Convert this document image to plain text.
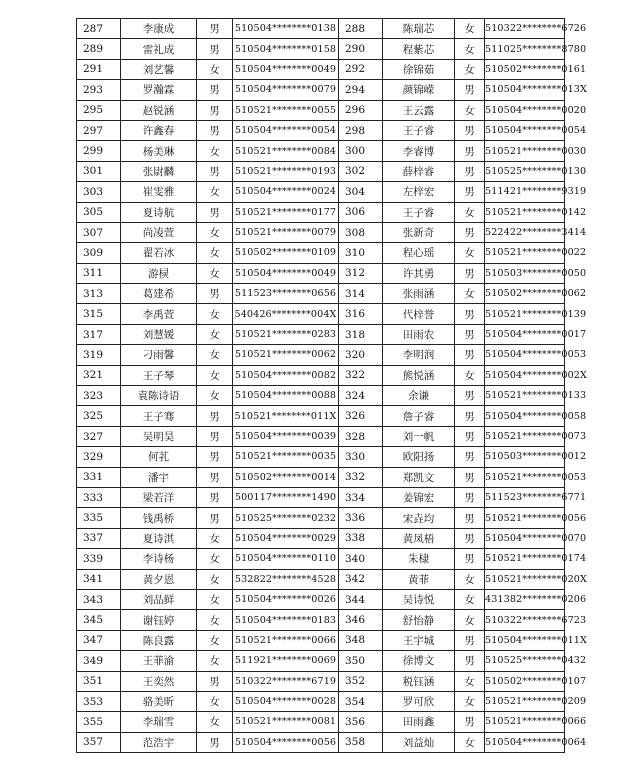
287	李康成	男	510504********0138	288	陈瑞芯	女	510322********6726
289	雷礼成	男	510504********0158	290	程紫芯	女	511025********8780
291	刘艺馨	女	510504********0049	292	徐锦茹	女	510502********0161
293	罗瀚霖	男	510504********0079	294	颜锦嵘	男	510504********013X
295	赵锐涵	男	510521********0055	296	王云露	女	510504********0020
297	许鑫春	男	510504********0054	298	王子睿	男	510504********0054
299	杨美琳	女	510521********0084	300	李睿博	男	510521********0030
301	张尉麟	男	510521********0193	302	薛梓睿	男	510525********0130
303	崔雯雅	女	510504********0024	304	左梓宏	男	511421********9319
305	夏诗航	男	510521********0177	306	王子睿	女	510521********0142
307	尚凌萱	女	510521********0079	308	张新奇	男	522422********3414
309	翟若冰	女	510502********0109	310	程心瑶	女	510521********0022
311	游棂	女	510504********0049	312	许其勇	男	510503********0050
313	葛建希	男	511523********0656	314	张雨涵	女	510502********0062
315	李禹萱	女	540426********004X	316	代梓誉	男	510521********0139
317	刘慧媛	女	510521********0283	318	田雨农	男	510504********0017
319	刁雨馨	女	510521********0062	320	李明润	男	510504********0053
321	王子琴	女	510504********0082	322	熊悦涵	女	510504********002X
323	袁陈诗语	女	510504********0088	324	余谦	男	510521********0133
325	王子骞	男	510521********011X	326	詹子睿	男	510504********0058
327	吴明昊	男	510504********0039	328	刘一帆	男	510521********0073
329	何芤	男	510521********0035	330	欧阳扬	男	510503********0012
331	潘宇	男	510502********0014	332	郑凯文	男	510521********0053
333	梁若洋	男	500117********1490	334	姜锦宏	男	511523********6771
335	钱禹桥	男	510525********0232	336	宋垚均	男	510521********0056
337	夏诗淇	女	510504********0029	338	黄凤梧	男	510504********0070
339	李诗杨	女	510504********0110	340	朱棣	男	510521********0174
341	黄夕恩	女	532822********4528	342	黄菲	女	510521********020X
343	刘品鲜	女	510504********0026	344	吴诗悦	女	431382********0206
345	谢钰婷	女	510504********0183	346	舒怡静	女	510322********6723
347	陈良露	女	510521********0066	348	王宇城	男	510504********011X
349	王菲渝	女	511921********0069	350	徐博文	男	510525********0432
351	王奕然	男	510322********6719	352	税钰涵	女	510502********0107
353	骆美昕	女	510504********0028	354	罗可欣	女	510521********0209
355	李瑞雪	女	510521********0081	356	田雨鑫	男	510521********0066
357	范浩宇	男	510504********0056	358	刘益灿	女	510504********0064
